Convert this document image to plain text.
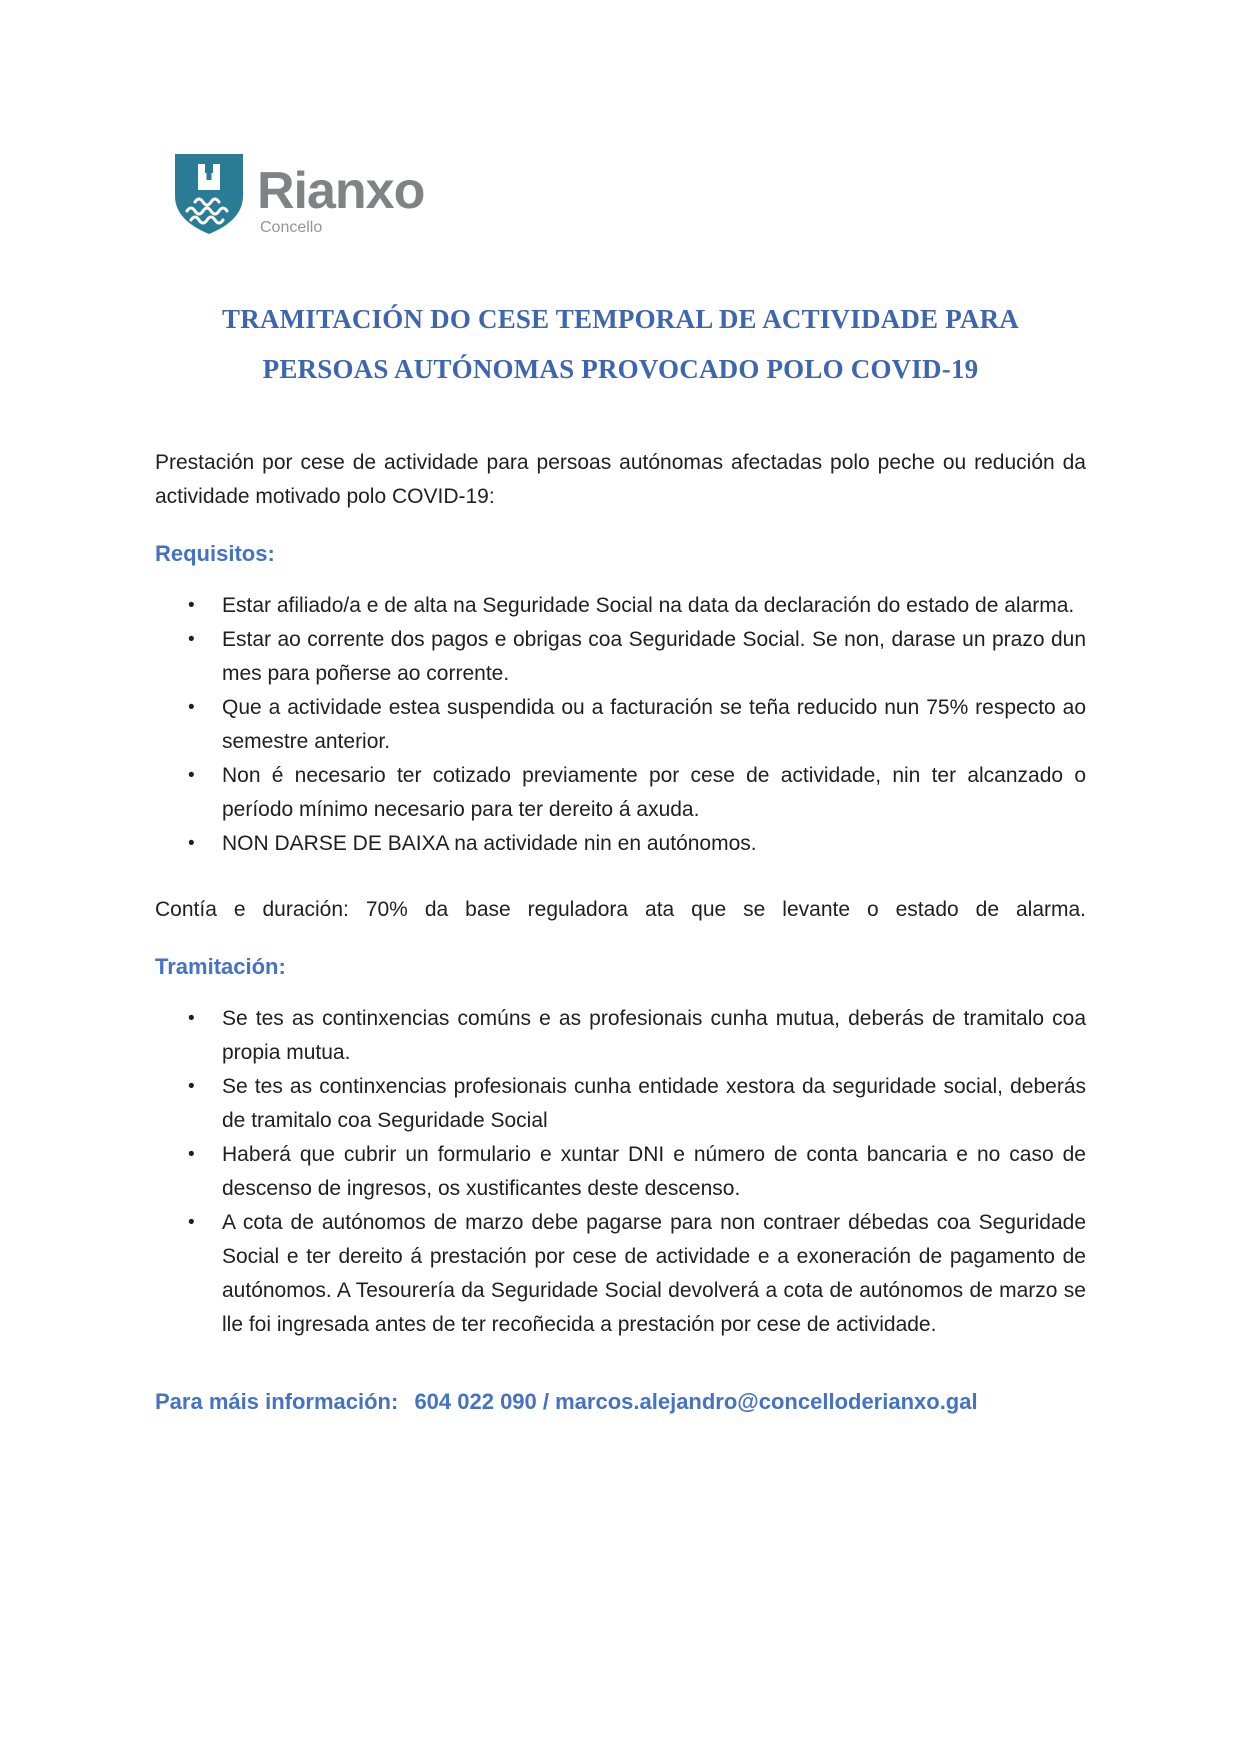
Rianxo
Concello
TRAMITACIÓN DO CESE TEMPORAL DE ACTIVIDADE PARA
PERSOAS AUTÓNOMAS PROVOCADO POLO COVID-19

Prestación por cese de actividade para persoas autónomas afectadas polo peche ou redución da actividade motivado polo COVID-19:

Requisitos:
• Estar afiliado/a e de alta na Seguridade Social na data da declaración do estado de alarma.
• Estar ao corrente dos pagos e obrigas coa Seguridade Social. Se non, darase un prazo dun mes para poñerse ao corrente.
• Que a actividade estea suspendida ou a facturación se teña reducido nun 75% respecto ao semestre anterior.
• Non é necesario ter cotizado previamente por cese de actividade, nin ter alcanzado o período mínimo necesario para ter dereito á axuda.
• NON DARSE DE BAIXA na actividade nin en autónomos.

Contía e duración: 70% da base reguladora ata que se levante o estado de alarma.

Tramitación:
• Se tes as continxencias comúns e as profesionais cunha mutua, deberás de tramitalo coa propia mutua.
• Se tes as continxencias profesionais cunha entidade xestora da seguridade social, deberás de tramitalo coa Seguridade Social
• Haberá que cubrir un formulario e xuntar DNI e número de conta bancaria e no caso de descenso de ingresos, os xustificantes deste descenso.
• A cota de autónomos de marzo debe pagarse para non contraer débedas coa Seguridade Social e ter dereito á prestación por cese de actividade e a exoneración de pagamento de autónomos. A Tesourería da Seguridade Social devolverá a cota de autónomos de marzo se lle foi ingresada antes de ter recoñecida a prestación por cese de actividade.
Para máis información: 604 022 090 / marcos.alejandro@concelloderianxo.gal
